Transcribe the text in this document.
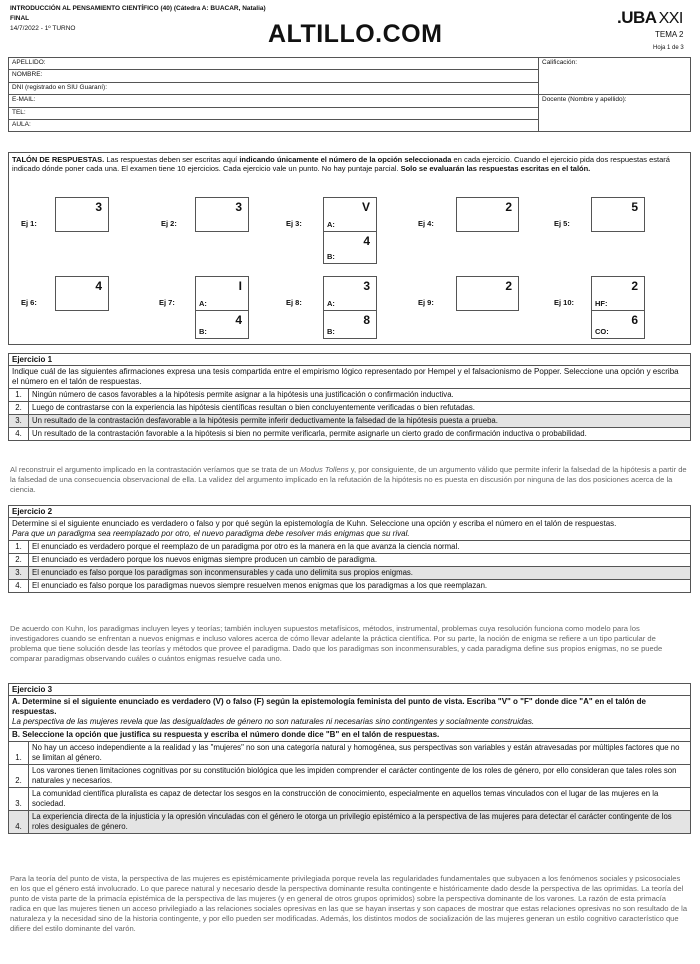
INTRODUCCIÓN AL PENSAMIENTO CIENTÍFICO (40) (Cátedra A: BUACAR, Natalia)
FINAL
14/7/2022 - 1º TURNO	ALTILLO.COM
.UBA XXI
TEMA 2
Hoja 1 de 3
APELLIDO:	Calificación:
NOMBRE:	
DNI (registrado en SIU Guaraní):	
E-MAIL:	Docente (Nombre y apellido):
TEL:	
AULA:	
TALÓN DE RESPUESTAS. Las respuestas deben ser escritas aquí indicando únicamente el número de la opción seleccionada en cada ejercicio. Cuando el ejercicio pida dos respuestas estará indicado dónde poner cada una. El examen tiene 10 ejercicios. Cada ejercicio vale un punto. No hay puntaje parcial. Solo se evaluarán las respuestas escritas en el talón.
Ej 1:
3
Ej 2:
3
Ej 3:	A:
V
B:
4
Ej 4:
2
Ej 5:
5
Ej 6:
4
Ej 7:	A:
I
B:
4
Ej 8:	A:
3
B:
8
Ej 9:
2
Ej 10:	HF:
2
CO:
6
Ejercicio 1
Indique cuál de las siguientes afirmaciones expresa una tesis compartida entre el empirismo lógico representado por Hempel y el falsacionismo de Popper. Seleccione una opción y escriba el número en el talón de respuestas.
1.	Ningún número de casos favorables a la hipótesis permite asignar a la hipótesis una justificación o confirmación inductiva.
2.	Luego de contrastarse con la experiencia las hipótesis científicas resultan o bien concluyentemente verificadas o bien refutadas.
3.	Un resultado de la contrastación desfavorable a la hipótesis permite inferir deductivamente la falsedad de la hipótesis puesta a prueba.
4.	Un resultado de la contrastación favorable a la hipótesis si bien no permite verificarla, permite asignarle un cierto grado de confirmación inductiva o probabilidad.
Al reconstruir el argumento implicado en la contrastación veríamos que se trata de un Modus Tollens y, por consiguiente, de un argumento válido que permite inferir la falsedad de la hipótesis a partir de la falsedad de una consecuencia observacional de ella. La validez del argumento implicado en la refutación de la hipótesis no es puesta en discusión por ninguna de las dos posiciones acerca de la ciencia.
Ejercicio 2
Determine si el siguiente enunciado es verdadero o falso y por qué según la epistemología de Kuhn. Seleccione una opción y escriba el número en el talón de respuestas.
Para que un paradigma sea reemplazado por otro, el nuevo paradigma debe resolver más enigmas que su rival.
1.	El enunciado es verdadero porque el reemplazo de un paradigma por otro es la manera en la que avanza la ciencia normal.
2.	El enunciado es verdadero porque los nuevos enigmas siempre producen un cambio de paradigma.
3.	El enunciado es falso porque los paradigmas son inconmensurables y cada uno delimita sus propios enigmas.
4.	El enunciado es falso porque los paradigmas nuevos siempre resuelven menos enigmas que los paradigmas a los que reemplazan.
De acuerdo con Kuhn, los paradigmas incluyen leyes y teorías; también incluyen supuestos metafísicos, métodos, instrumental, problemas cuya resolución funciona como modelo para los investigadores cuando se enfrentan a nuevos enigmas e incluso valores acerca de cómo llevar adelante la práctica científica. Por su parte, la noción de enigma se refiere a un tipo particular de problema que tiene solución desde las teorías y métodos que provee el paradigma. Dado que los paradigmas son inconmensurables, y cada paradigma define sus propios enigmas, no se puede comparar paradigmas observando cuáles o cuántos enigmas resuelve cada uno.
Ejercicio 3
A. Determine si el siguiente enunciado es verdadero (V) o falso (F) según la epistemología feminista del punto de vista. Escriba "V" o "F" donde dice "A" en el talón de respuestas.
La perspectiva de las mujeres revela que las desigualdades de género no son naturales ni necesarias sino contingentes y socialmente construidas.
B. Seleccione la opción que justifica su respuesta y escriba el número donde dice "B" en el talón de respuestas.
1.	No hay un acceso independiente a la realidad y las "mujeres" no son una categoría natural y homogénea, sus perspectivas son variables y están atravesadas por múltiples factores que no se limitan al género.
2.	Los varones tienen limitaciones cognitivas por su constitución biológica que les impiden comprender el carácter contingente de los roles de género, por ello consideran que tales roles son naturales y necesarios.
3.	La comunidad científica pluralista es capaz de detectar los sesgos en la construcción de conocimiento, especialmente en aquellos temas vinculados con el lugar de las mujeres en la sociedad.
4.	La experiencia directa de la injusticia y la opresión vinculadas con el género le otorga un privilegio epistémico a la perspectiva de las mujeres para detectar el carácter contingente de los roles desiguales de género.
Para la teoría del punto de vista, la perspectiva de las mujeres es epistémicamente privilegiada porque revela las regularidades fundamentales que subyacen a los fenómenos sociales y psicosociales en los que el género está involucrado. Lo que parece natural y necesario desde la perspectiva dominante resulta contingente e históricamente dado desde la perspectiva de las oprimidas. La teoría del punto de vista parte de la primacía epistémica de la perspectiva de las mujeres (y en general de otros grupos oprimidos) sobre la perspectiva dominante de los varones. La razón de esta primacía radica en que las mujeres tienen un acceso privilegiado a las relaciones sociales opresivas en las que se hayan insertas y son capaces de mostrar que estas relaciones opresivas no son resultado de la naturaleza y la necesidad sino de la historia contingente, y por ello pueden ser modificadas. Además, los distintos modos de socialización de las mujeres generan un estilo cognitivo característico que difiere del estilo dominante del varón.
